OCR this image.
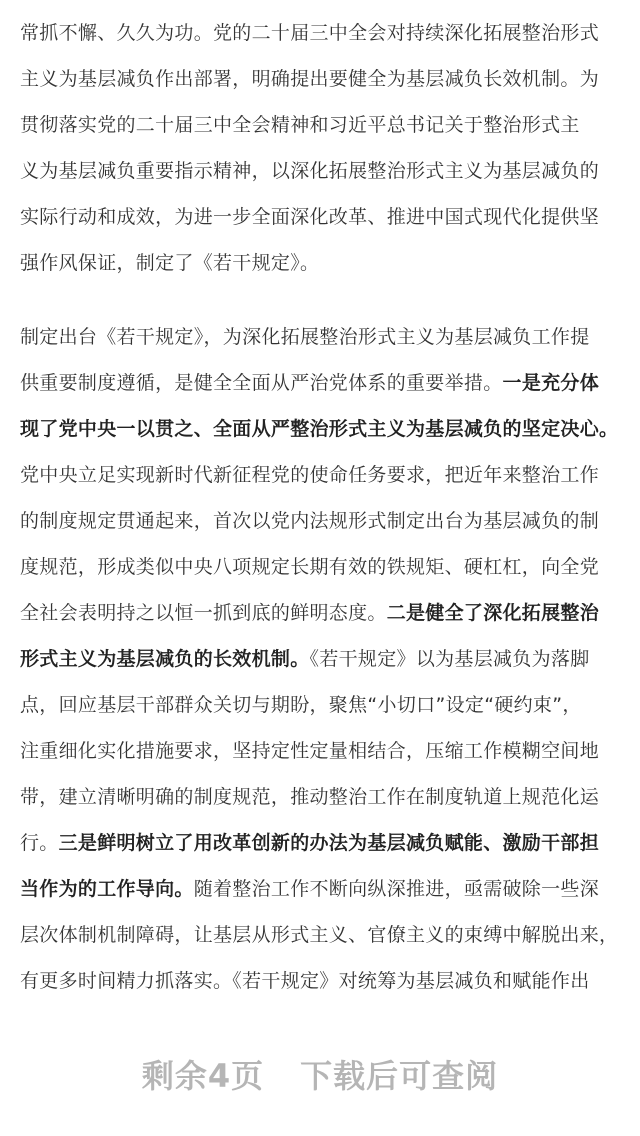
常抓不懈、久久为功。党的二十届三中全会对持续深化拓展整治形式
主义为基层减负作出部署，明确提出要健全为基层减负长效机制。为
贯彻落实党的二十届三中全会精神和习近平总书记关于整治形式主
义为基层减负重要指示精神，以深化拓展整治形式主义为基层减负的
实际行动和成效，为进一步全面深化改革、推进中国式现代化提供坚
强作风保证，制定了《若干规定》。
制定出台《若干规定》，为深化拓展整治形式主义为基层减负工作提
供重要制度遵循，是健全全面从严治党体系的重要举措。一是充分体
现了党中央一以贯之、全面从严整治形式主义为基层减负的坚定决心。
党中央立足实现新时代新征程党的使命任务要求，把近年来整治工作
的制度规定贯通起来，首次以党内法规形式制定出台为基层减负的制
度规范，形成类似中央八项规定长期有效的铁规矩、硬杠杠，向全党
全社会表明持之以恒一抓到底的鲜明态度。二是健全了深化拓展整治
形式主义为基层减负的长效机制。《若干规定》以为基层减负为落脚
点，回应基层干部群众关切与期盼，聚焦“小切口”设定“硬约束”，
注重细化实化措施要求，坚持定性定量相结合，压缩工作模糊空间地
带，建立清晰明确的制度规范，推动整治工作在制度轨道上规范化运
行。三是鲜明树立了用改革创新的办法为基层减负赋能、激励干部担
当作为的工作导向。随着整治工作不断向纵深推进，亟需破除一些深
层次体制机制障碍，让基层从形式主义、官僚主义的束缚中解脱出来，
有更多时间精力抓落实。《若干规定》对统筹为基层减负和赋能作出
剩余4页 下载后可查阅
